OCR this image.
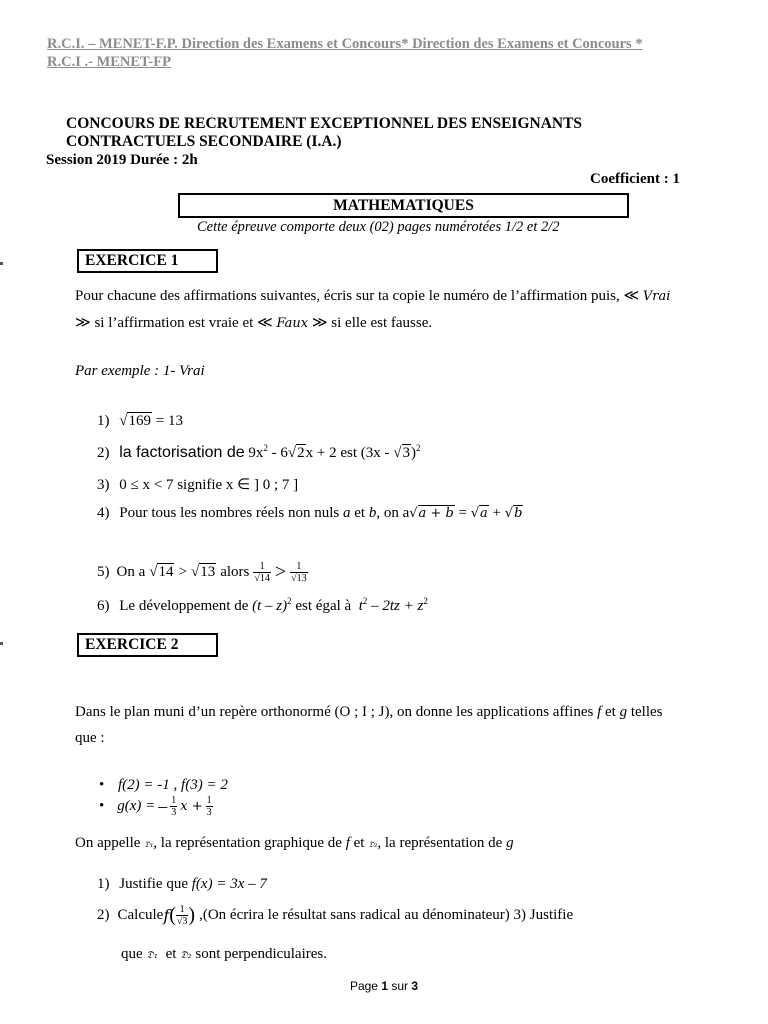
R.C.I. – MENET-F.P. Direction des Examens et Concours* Direction des Examens et Concours *
R.C.I .- MENET-FP
CONCOURS DE RECRUTEMENT EXCEPTIONNEL DES ENSEIGNANTS
CONTRACTUELS SECONDAIRE (I.A.)
Session 2019 Durée : 2h
Coefficient : 1
MATHEMATIQUES
Cette épreuve comporte deux (02) pages numérotées 1/2 et 2/2
EXERCICE 1
Pour chacune des affirmations suivantes, écris sur ta copie le numéro de l’affirmation puis, ≪ Vrai
≫ si l’affirmation est vraie et ≪ Faux ≫ si elle est fausse.
Par exemple : 1- Vrai
1) √169 = 13
2) la factorisation de $9x^2 - 6√2x + 2$ est (3x - √3)$^2$
3) 0 ≤ x < 7 signifie x ∈ ] 0 ; 7 ]
4) Pour tous les nombres réels non nuls a et b, on a√a + b = √a + √b
5) On a √14 > √13 alors $\frac{1}{√14} > \frac{1}{√13}$
6) Le développement de (t – z)$^2$ est égal à $t^2 - 2tz + z^2$
EXERCICE 2
Dans le plan muni d’un repère orthonormé (O ; I ; J), on donne les applications affines f et g telles
que :
• f(2) = -1 , f(3) = 2
• g(x) = – $\frac{1}{3}$ $x + \frac{1}{3}$
On appelle 𝔇₁, la représentation graphique de f et 𝔇₂, la représentation de g
1) Justifie que f(x) = 3x – 7
2) Calcule f ( $\frac{1}{√3}$ ) ,(On écrira le résultat sans radical au dénominateur) 3) Justifie
que 𝔇₁ et 𝔇₂ sont perpendiculaires.
Page 1 sur 3
